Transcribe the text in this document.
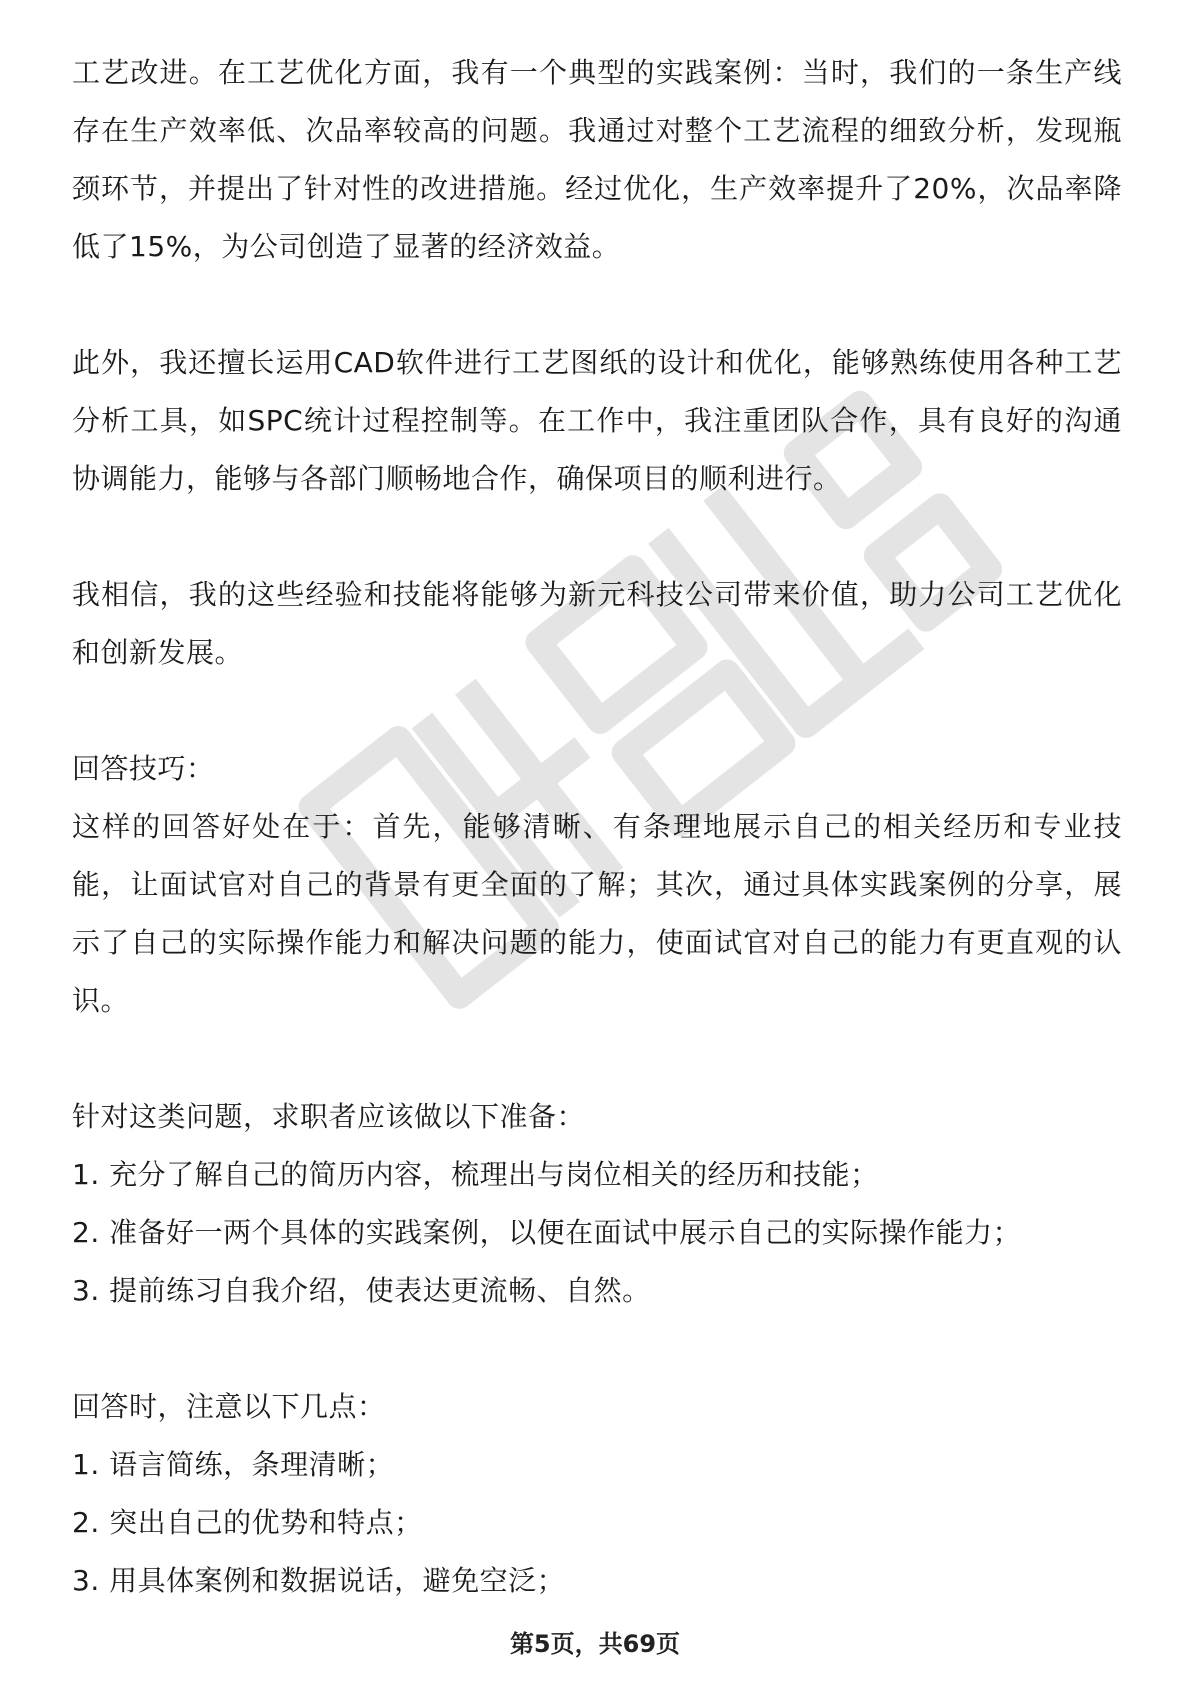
工艺改进。在工艺优化方面，我有一个典型的实践案例：当时，我们的一条生产线存在生产效率低、次品率较高的问题。我通过对整个工艺流程的细致分析，发现瓶颈环节，并提出了针对性的改进措施。经过优化，生产效率提升了20%，次品率降低了15%，为公司创造了显著的经济效益。

此外，我还擅长运用CAD软件进行工艺图纸的设计和优化，能够熟练使用各种工艺分析工具，如SPC统计过程控制等。在工作中，我注重团队合作，具有良好的沟通协调能力，能够与各部门顺畅地合作，确保项目的顺利进行。

我相信，我的这些经验和技能将能够为新元科技公司带来价值，助力公司工艺优化和创新发展。

回答技巧：

这样的回答好处在于：首先，能够清晰、有条理地展示自己的相关经历和专业技能，让面试官对自己的背景有更全面的了解；其次，通过具体实践案例的分享，展示了自己的实际操作能力和解决问题的能力，使面试官对自己的能力有更直观的认识。

针对这类问题，求职者应该做以下准备：

1. 充分了解自己的简历内容，梳理出与岗位相关的经历和技能；

2. 准备好一两个具体的实践案例，以便在面试中展示自己的实际操作能力；

3. 提前练习自我介绍，使表达更流畅、自然。

回答时，注意以下几点：

1. 语言简练，条理清晰；

2. 突出自己的优势和特点；

3. 用具体案例和数据说话，避免空泛；

第5页，共69页
